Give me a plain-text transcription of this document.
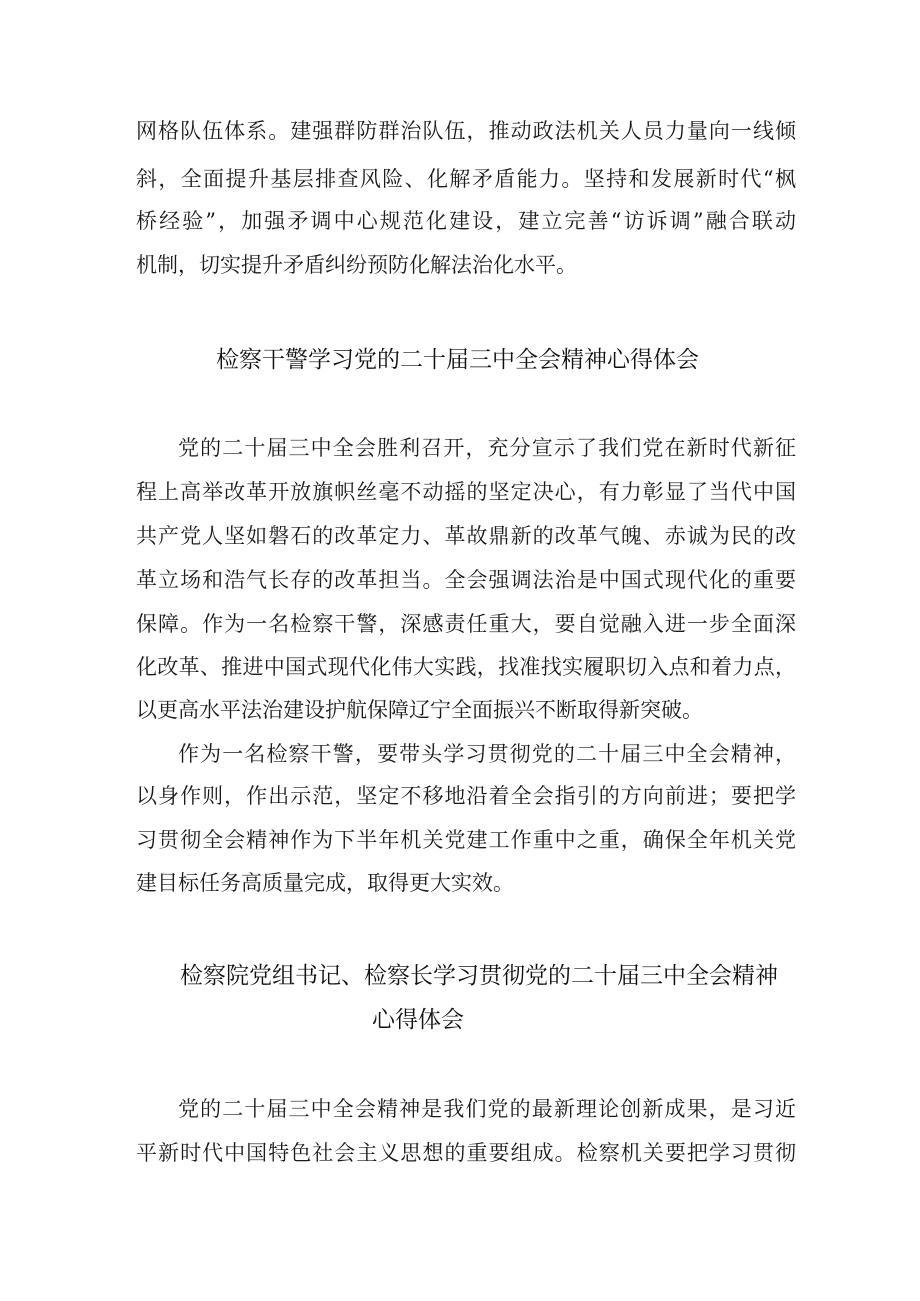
网格队伍体系。建强群防群治队伍，推动政法机关人员力量向一线倾
斜，全面提升基层排查风险、化解矛盾能力。坚持和发展新时代“枫
桥经验”，加强矛调中心规范化建设，建立完善“访诉调”融合联动
机制，切实提升矛盾纠纷预防化解法治化水平。
检察干警学习党的二十届三中全会精神心得体会
党的二十届三中全会胜利召开，充分宣示了我们党在新时代新征
程上高举改革开放旗帜丝毫不动摇的坚定决心，有力彰显了当代中国
共产党人坚如磐石的改革定力、革故鼎新的改革气魄、赤诚为民的改
革立场和浩气长存的改革担当。全会强调法治是中国式现代化的重要
保障。作为一名检察干警，深感责任重大，要自觉融入进一步全面深
化改革、推进中国式现代化伟大实践，找准找实履职切入点和着力点，
以更高水平法治建设护航保障辽宁全面振兴不断取得新突破。
作为一名检察干警，要带头学习贯彻党的二十届三中全会精神，
以身作则，作出示范，坚定不移地沿着全会指引的方向前进；要把学
习贯彻全会精神作为下半年机关党建工作重中之重，确保全年机关党
建目标任务高质量完成，取得更大实效。
检察院党组书记、检察长学习贯彻党的二十届三中全会精神
心得体会
党的二十届三中全会精神是我们党的最新理论创新成果，是习近
平新时代中国特色社会主义思想的重要组成。检察机关要把学习贯彻
